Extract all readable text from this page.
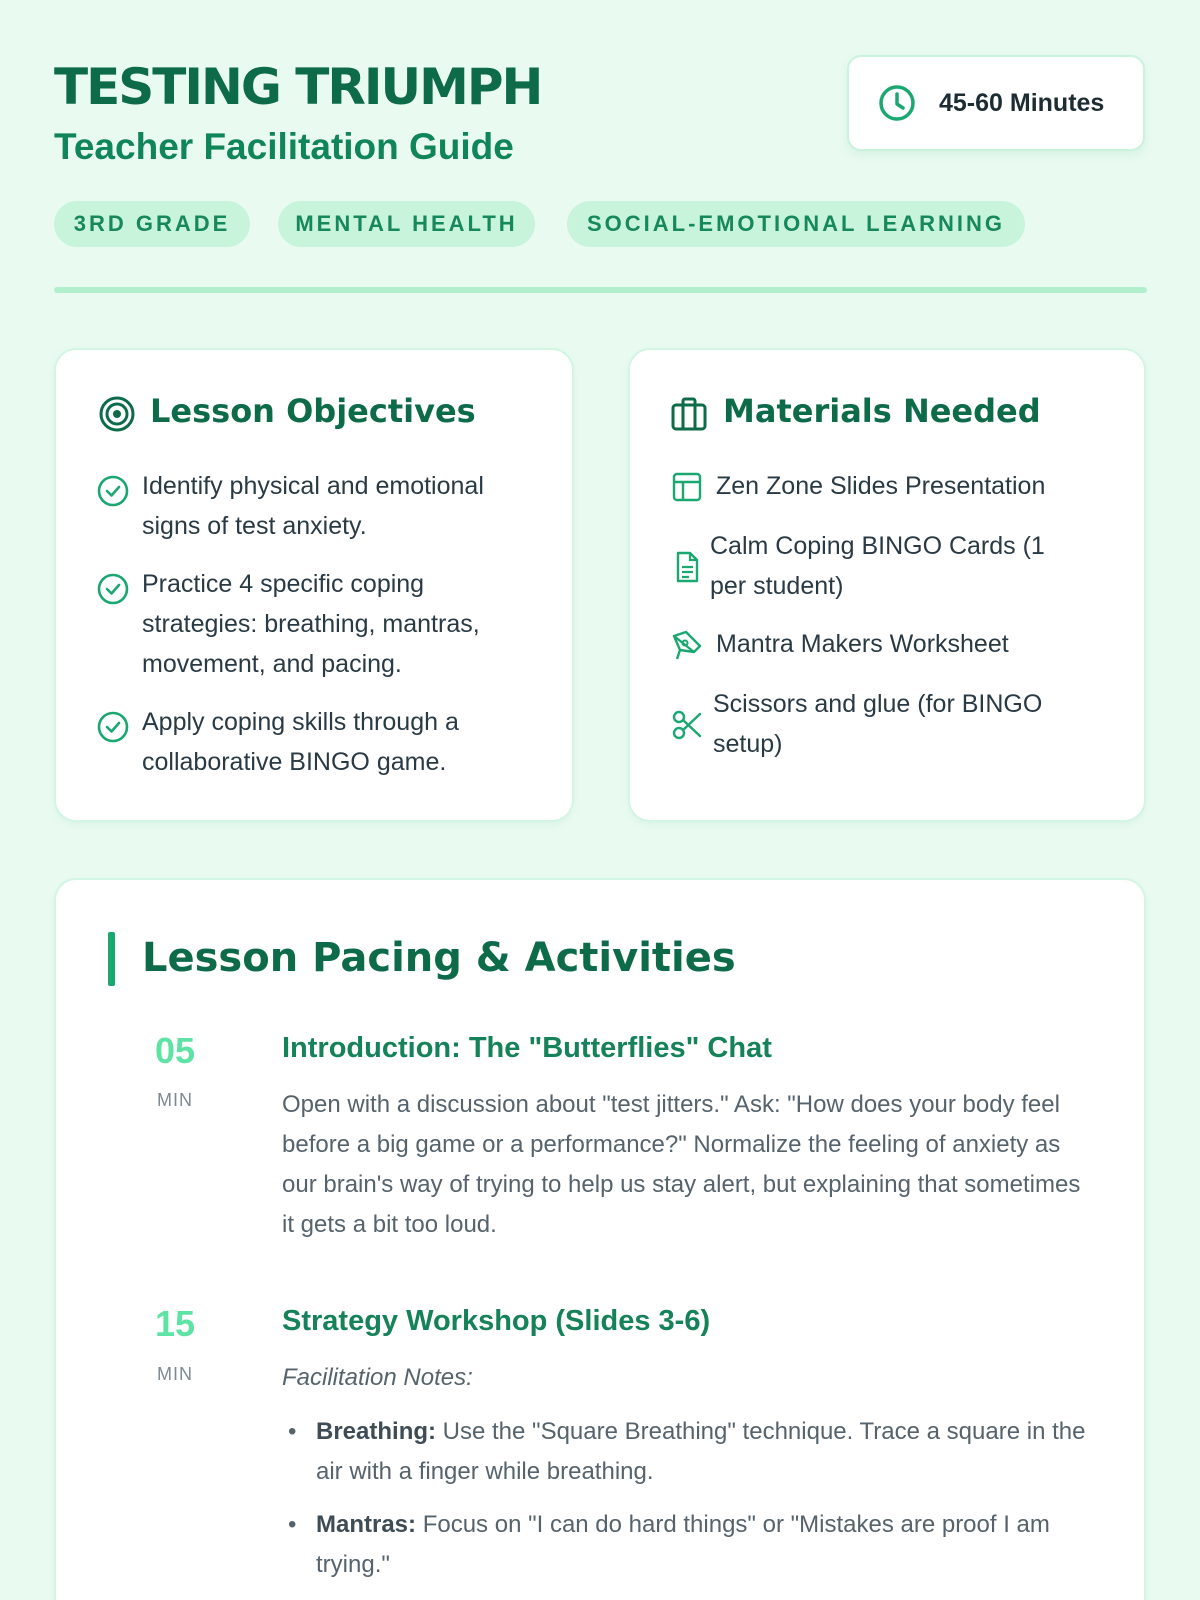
TESTING TRIUMPH
Teacher Facilitation Guide
45-60 Minutes
3RD GRADE	MENTAL HEALTH	SOCIAL-EMOTIONAL LEARNING
Lesson Objectives
Identify physical and emotional signs of test anxiety.
Practice 4 specific coping strategies: breathing, mantras, movement, and pacing.
Apply coping skills through a collaborative BINGO game.
Materials Needed
Zen Zone Slides Presentation
Calm Coping BINGO Cards (1 per student)
Mantra Makers Worksheet
Scissors and glue (for BINGO setup)
Lesson Pacing & Activities
05
MIN
Introduction: The "Butterflies" Chat
Open with a discussion about "test jitters." Ask: "How does your body feel before a big game or a performance?" Normalize the feeling of anxiety as our brain's way of trying to help us stay alert, but explaining that sometimes it gets a bit too loud.
15
MIN
Strategy Workshop (Slides 3-6)
Facilitation Notes:
• Breathing: Use the "Square Breathing" technique. Trace a square in the air with a finger while breathing.
• Mantras: Focus on "I can do hard things" or "Mistakes are proof I am trying."
